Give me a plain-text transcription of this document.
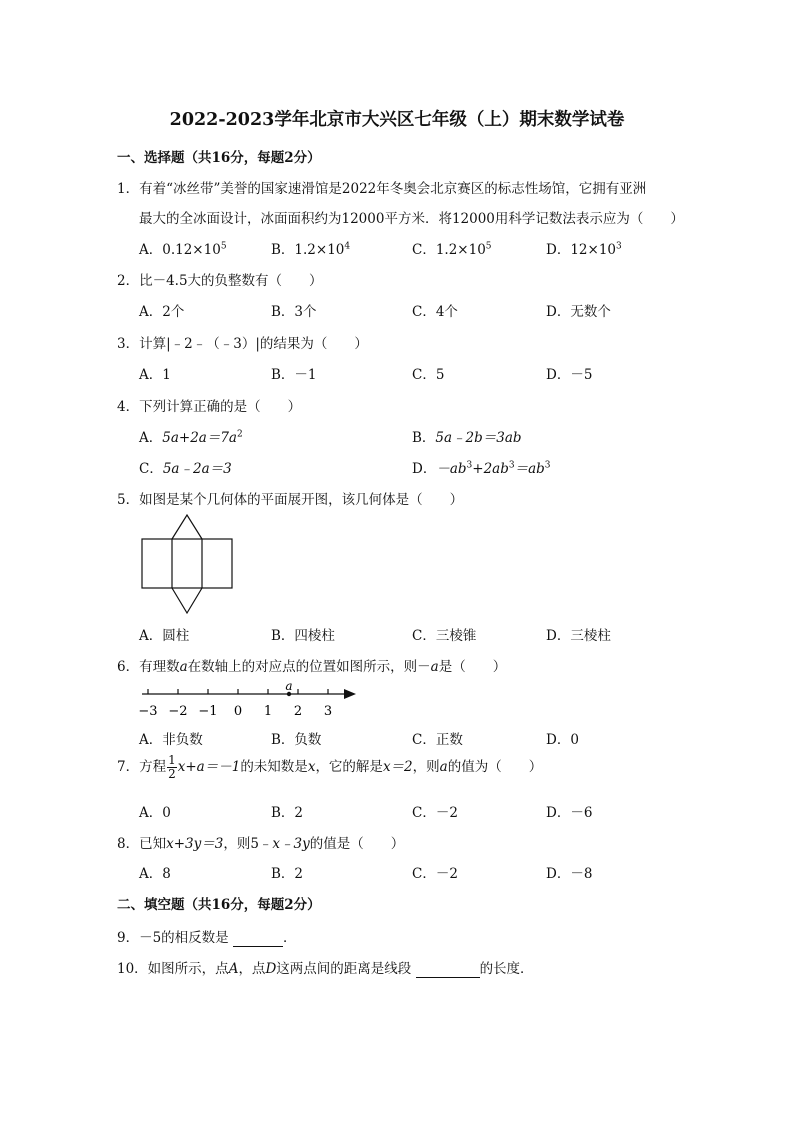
2022-2023学年北京市大兴区七年级（上）期末数学试卷
一、选择题（共16分，每题2分）
1．有着“冰丝带”美誉的国家速滑馆是2022年冬奥会北京赛区的标志性场馆，它拥有亚洲
最大的全冰面设计，冰面面积约为12000平方米．将12000用科学记数法表示应为（　　）
A．$0.12\times 10^5$	B．$1.2\times 10^4$	C．$1.2\times 10^5$	D．$12\times 10^3$
2．比－4.5大的负整数有（　　）
A．2个	B．3个	C．4个	D．无数个
3．计算|﹣2﹣（﹣3）|的结果为（　　）
A．1	B．－1	C．5	D．－5
4．下列计算正确的是（　　）
A．$5a+2a=7a^2$	B．5a﹣2b＝3ab
C．5a﹣2a＝3	D．$-ab^3+2ab^3=ab^3$
5．如图是某个几何体的平面展开图，该几何体是（　　）
A．圆柱	B．四棱柱	C．三棱锥	D．三棱柱
6．有理数a在数轴上的对应点的位置如图所示，则－a是（　　）
−3 −2 −1 0 1 2 3
a
A．非负数	B．负数	C．正数	D．0
7．方程 $\frac{1}{2} x+a=-1$的未知数是x，它的解是x＝2，则a的值为（　　）
A．0	B．2	C．－2	D．－6
8．已知x+3y＝3，则5﹣x﹣3y的值是（　　）
A．8	B．2	C．－2	D．－8
二、填空题（共16分，每题2分）
9．－5的相反数是	．
10．如图所示，点A，点D这两点间的距离是线段	的长度．
